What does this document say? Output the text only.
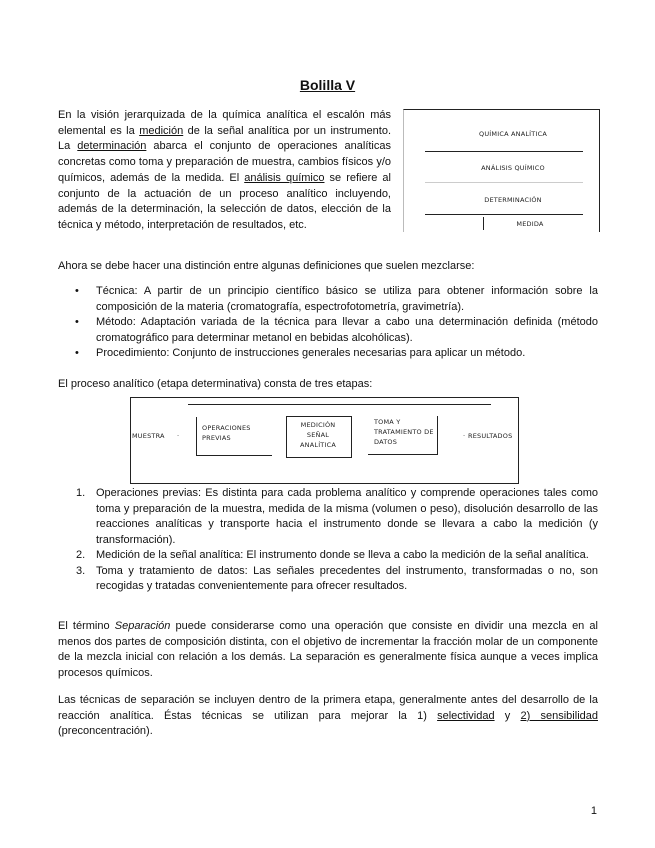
Bolilla V

En la visión jerarquizada de la química analítica el escalón más elemental es la medición de la señal analítica por un instrumento. La determinación abarca el conjunto de operaciones analíticas concretas como toma y preparación de muestra, cambios físicos y/o químicos, además de la medida. El análisis químico se refiere al conjunto de la actuación de un proceso analítico incluyendo, además de la determinación, la selección de datos, elección de la técnica y método, interpretación de resultados, etc.

QUÍMICA ANALÍTICA
ANÁLISIS QUÍMICO
DETERMINACIÓN
MEDIDA

Ahora se debe hacer una distinción entre algunas definiciones que suelen mezclarse:

• Técnica: A partir de un principio científico básico se utiliza para obtener información sobre la composición de la materia (cromatografía, espectrofotometría, gravimetría).
• Método: Adaptación variada de la técnica para llevar a cabo una determinación definida (método cromatográfico para determinar metanol en bebidas alcohólicas).
• Procedimiento: Conjunto de instrucciones generales necesarias para aplicar un método.

El proceso analítico (etapa determinativa) consta de tres etapas:

MUESTRA ·
OPERACIONES
PREVIAS
MEDICIÓN
SEÑAL
ANALÍTICA
TOMA Y
TRATAMIENTO DE
DATOS
· RESULTADOS
1. Operaciones previas: Es distinta para cada problema analítico y comprende operaciones tales como toma y preparación de la muestra, medida de la misma (volumen o peso), disolución desarrollo de las reacciones analíticas y transporte hacia el instrumento donde se llevara a cabo la medición (y transformación).
2. Medición de la señal analítica: El instrumento donde se lleva a cabo la medición de la señal analítica.
3. Toma y tratamiento de datos: Las señales precedentes del instrumento, transformadas o no, son recogidas y tratadas convenientemente para ofrecer resultados.

El término Separación puede considerarse como una operación que consiste en dividir una mezcla en al menos dos partes de composición distinta, con el objetivo de incrementar la fracción molar de un componente de la mezcla inicial con relación a los demás. La separación es generalmente física aunque a veces implica procesos químicos.

Las técnicas de separación se incluyen dentro de la primera etapa, generalmente antes del desarrollo de la reacción analítica. Éstas técnicas se utilizan para mejorar la 1) selectividad y 2) sensibilidad (preconcentración).

1
